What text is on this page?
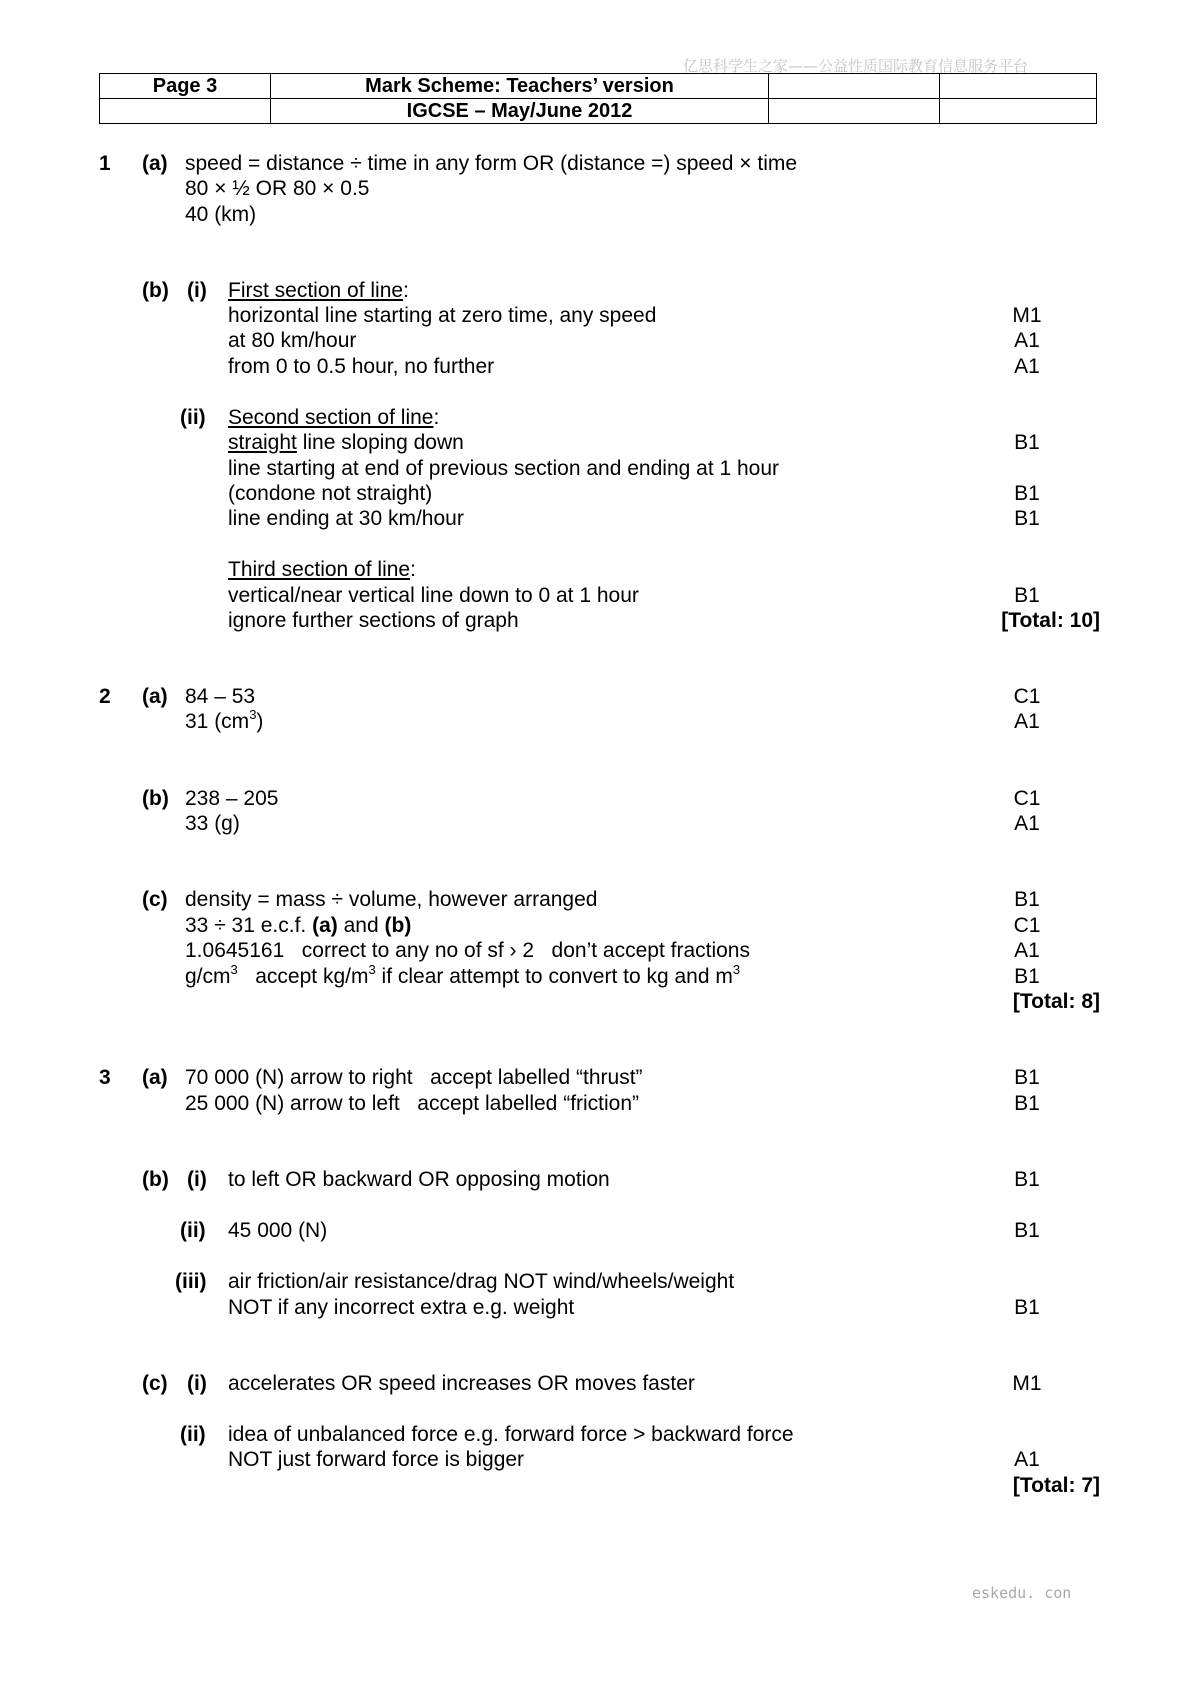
亿思科学生之家——公益性质国际教育信息服务平台
Page 3	Mark Scheme: Teachers’ version		
	IGCSE – May/June 2012		
1 (a) speed = distance ÷ time in any form OR (distance =) speed × time
80 × ½ OR 80 × 0.5
40 (km)
(b) (i) First section of line:
horizontal line starting at zero time, any speed	M1
at 80 km/hour	A1
from 0 to 0.5 hour, no further	A1
(ii) Second section of line:
straight line sloping down	B1
line starting at end of previous section and ending at 1 hour
(condone not straight)	B1
line ending at 30 km/hour	B1
Third section of line:
vertical/near vertical line down to 0 at 1 hour	B1
ignore further sections of graph	[Total: 10]
2 (a) 84 – 53	C1
31 $(cm^3)$	A1
(b) 238 – 205	C1
33 (g)	A1
(c) density = mass ÷ volume, however arranged	B1
33 ÷ 31 e.c.f. (a) and (b)	C1
1.0645161   correct to any no of sf › 2   don’t accept fractions	A1
$g/cm^3$   accept $kg/m^3$ if clear attempt to convert to kg and $m^3$	B1
[Total: 8]
3 (a) 70 000 (N) arrow to right   accept labelled “thrust”	B1
25 000 (N) arrow to left   accept labelled “friction”	B1
(b) (i) to left OR backward OR opposing motion	B1
(ii) 45 000 (N)	B1
(iii) air friction/air resistance/drag NOT wind/wheels/weight
NOT if any incorrect extra e.g. weight	B1
(c) (i) accelerates OR speed increases OR moves faster	M1
(ii) idea of unbalanced force e.g. forward force > backward force
NOT just forward force is bigger	A1
[Total: 7]
eskedu. con
